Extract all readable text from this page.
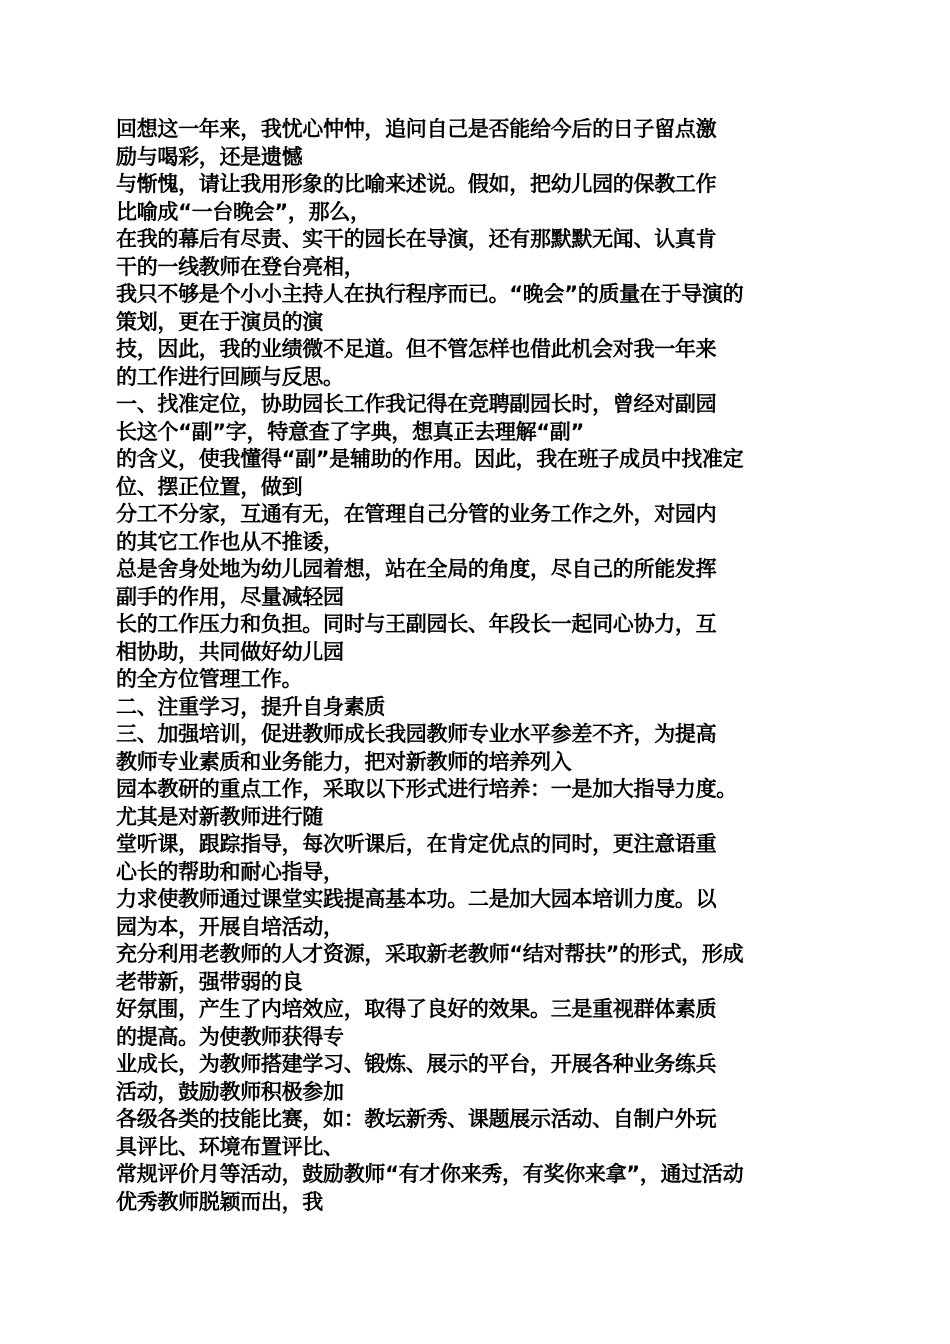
回想这一年来，我忧心忡忡，追问自己是否能给今后的日子留点激
励与喝彩，还是遗憾
与惭愧，请让我用形象的比喻来述说。假如，把幼儿园的保教工作
比喻成“一台晚会”，那么，
在我的幕后有尽责、实干的园长在导演，还有那默默无闻、认真肯
干的一线教师在登台亮相，
我只不够是个小小主持人在执行程序而已。“晚会”的质量在于导演的
策划，更在于演员的演
技，因此，我的业绩微不足道。但不管怎样也借此机会对我一年来
的工作进行回顾与反思。
一、找准定位，协助园长工作我记得在竞聘副园长时，曾经对副园
长这个“副”字，特意查了字典，想真正去理解“副”
的含义，使我懂得“副”是辅助的作用。因此，我在班子成员中找准定
位、摆正位置，做到
分工不分家，互通有无，在管理自己分管的业务工作之外，对园内
的其它工作也从不推诿，
总是舍身处地为幼儿园着想，站在全局的角度，尽自己的所能发挥
副手的作用，尽量减轻园
长的工作压力和负担。同时与王副园长、年段长一起同心协力，互
相协助，共同做好幼儿园
的全方位管理工作。
二、注重学习，提升自身素质
三、加强培训，促进教师成长我园教师专业水平参差不齐，为提高
教师专业素质和业务能力，把对新教师的培养列入
园本教研的重点工作，采取以下形式进行培养：一是加大指导力度。
尤其是对新教师进行随
堂听课，跟踪指导，每次听课后，在肯定优点的同时，更注意语重
心长的帮助和耐心指导，
力求使教师通过课堂实践提高基本功。二是加大园本培训力度。以
园为本，开展自培活动，
充分利用老教师的人才资源，采取新老教师“结对帮扶”的形式，形成
老带新，强带弱的良
好氛围，产生了内培效应，取得了良好的效果。三是重视群体素质
的提高。为使教师获得专
业成长，为教师搭建学习、锻炼、展示的平台，开展各种业务练兵
活动，鼓励教师积极参加
各级各类的技能比赛，如：教坛新秀、课题展示活动、自制户外玩
具评比、环境布置评比、
常规评价月等活动，鼓励教师“有才你来秀，有奖你来拿”，通过活动
优秀教师脱颖而出，我
